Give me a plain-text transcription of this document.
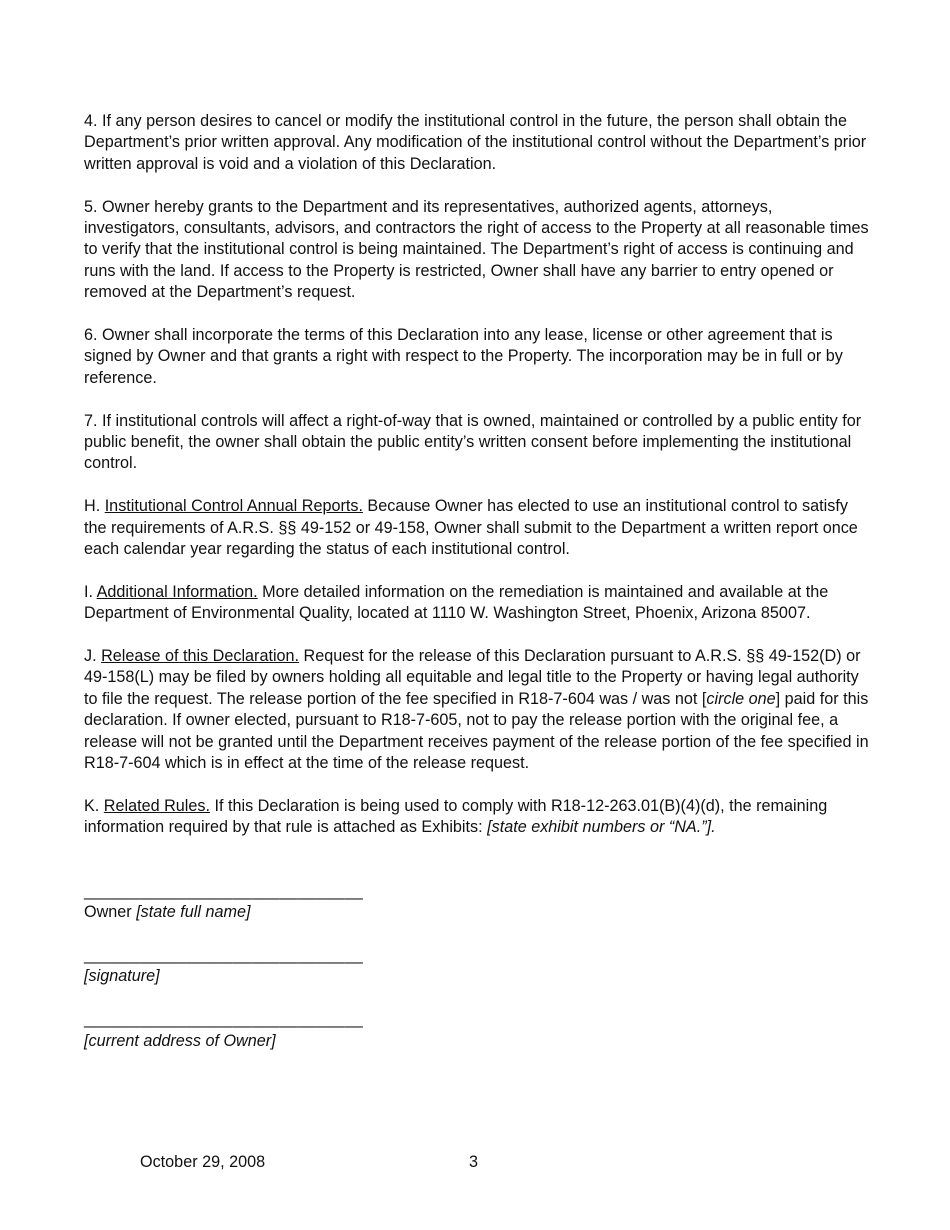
4. If any person desires to cancel or modify the institutional control in the future, the person shall obtain the Department’s prior written approval. Any modification of the institutional control without the Department’s prior written approval is void and a violation of this Declaration.

5. Owner hereby grants to the Department and its representatives, authorized agents, attorneys, investigators, consultants, advisors, and contractors the right of access to the Property at all reasonable times to verify that the institutional control is being maintained. The Department’s right of access is continuing and runs with the land. If access to the Property is restricted, Owner shall have any barrier to entry opened or removed at the Department’s request.

6. Owner shall incorporate the terms of this Declaration into any lease, license or other agreement that is signed by Owner and that grants a right with respect to the Property. The incorporation may be in full or by reference.

7. If institutional controls will affect a right-of-way that is owned, maintained or controlled by a public entity for public benefit, the owner shall obtain the public entity’s written consent before implementing the institutional control.

H. Institutional Control Annual Reports. Because Owner has elected to use an institutional control to satisfy the requirements of A.R.S. §§ 49-152 or 49-158, Owner shall submit to the Department a written report once each calendar year regarding the status of each institutional control.

I. Additional Information. More detailed information on the remediation is maintained and available at the Department of Environmental Quality, located at 1110 W. Washington Street, Phoenix, Arizona 85007.

J. Release of this Declaration. Request for the release of this Declaration pursuant to A.R.S. §§ 49-152(D) or 49-158(L) may be filed by owners holding all equitable and legal title to the Property or having legal authority to file the request. The release portion of the fee specified in R18-7-604 was / was not [circle one] paid for this declaration. If owner elected, pursuant to R18-7-605, not to pay the release portion with the original fee, a release will not be granted until the Department receives payment of the release portion of the fee specified in R18-7-604 which is in effect at the time of the release request.

K. Related Rules. If this Declaration is being used to comply with R18-12-263.01(B)(4)(d), the remaining information required by that rule is attached as Exhibits: [state exhibit numbers or “NA.”].

______________________________
Owner [state full name]
______________________________
[signature]
______________________________
[current address of Owner]
October 29, 2008	3
